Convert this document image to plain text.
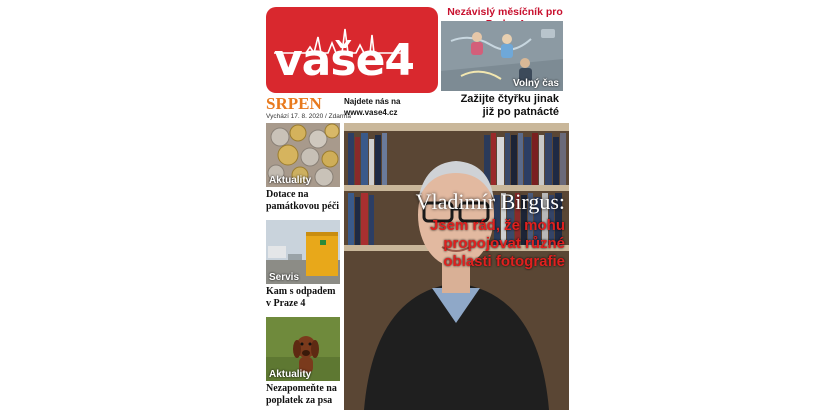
vaše4
Nezávislý měsíčník pro
Volný čas
Zažijte čtyřku jinak
již po patnácté
SRPEN
Vychází 17. 8. 2020 / Zdarma
Najdete nás na
www.vase4.cz
Aktuality
Dotace na
památkovou péči
Servis
Kam s odpadem
v Praze 4
Aktuality
Nezapomeňte na
poplatek za psa
Vladimír Birgus:
Jsem rád, že mohu
propojovat různé
oblasti fotografie
